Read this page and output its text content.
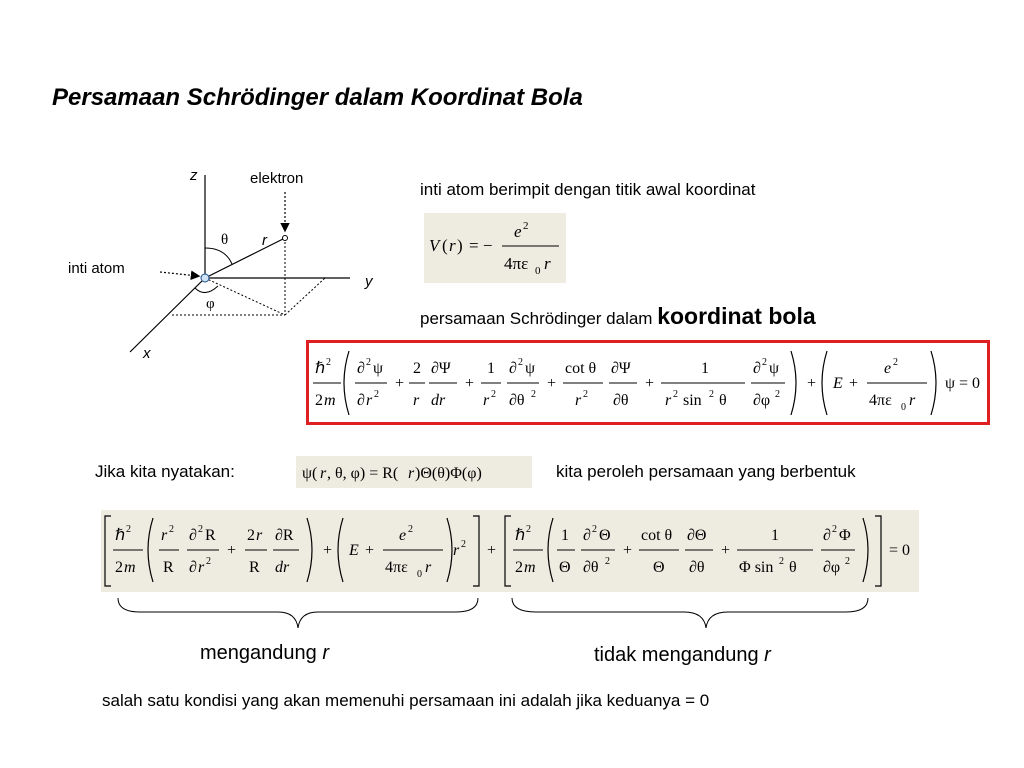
Persamaan Schrödinger dalam Koordinat Bola
z
y
x
elektron
inti atom
θ r
φ
inti atom berimpit dengan titik awal koordinat
V ( r ) = −
e 2
4πε 0 r
persamaan Schrödinger dalam koordinat bola
ℏ 2
2 m
∂ 2 ψ
∂ r 2
+
2
r
∂Ψ
dr
+
1
r 2
∂ 2 ψ
∂θ 2
+
cot θ
r 2
∂Ψ
∂θ
+
1
r 2 sin 2 θ
∂ 2 ψ
∂φ 2
+ E +
e 2
4πε 0 r
ψ = 0
Jika kita nyatakan:	ψ( r , θ, φ) = R( r )Θ(θ)Φ(φ)	kita peroleh persamaan yang berbentuk
ℏ 2
2 m
r 2
R
∂ 2 R
∂ r 2
+
2 r
R
∂R
dr
+ E +
e 2
4πε 0 r
r 2 +
ℏ 2
2 m
1
Θ
∂ 2 Θ
∂θ 2
+
cot θ
Θ
∂Θ
∂θ
+
1
Φ sin 2 θ
∂ 2 Φ
∂φ 2
= 0
mengandung r	tidak mengandung r
salah satu kondisi yang akan memenuhi persamaan ini adalah jika keduanya = 0
